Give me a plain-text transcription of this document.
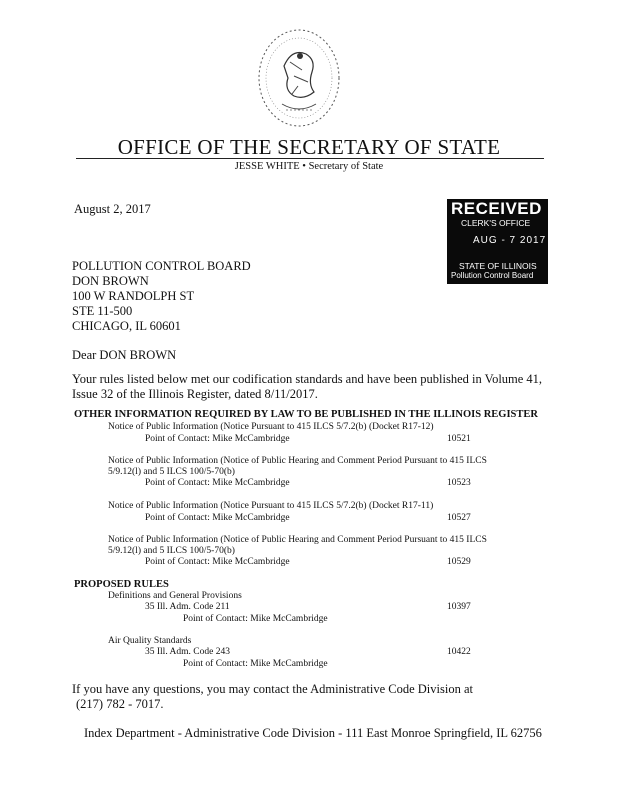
OFFICE OF THE SECRETARY OF STATE
JESSE WHITE • Secretary of State
August 2, 2017	RECEIVED
CLERK'S OFFICE
AUG - 7 2017
STATE OF ILLINOIS
Pollution Control Board
POLLUTION CONTROL BOARD
DON BROWN
100 W RANDOLPH ST
STE 11-500
CHICAGO, IL 60601
Dear DON BROWN
Your rules listed below met our codification standards and have been published in Volume 41,
Issue 32 of the Illinois Register, dated 8/11/2017.
OTHER INFORMATION REQUIRED BY LAW TO BE PUBLISHED IN THE ILLINOIS REGISTER
Notice of Public Information (Notice Pursuant to 415 ILCS 5/7.2(b) (Docket R17-12)
Point of Contact: Mike McCambridge	10521
Notice of Public Information (Notice of Public Hearing and Comment Period Pursuant to 415 ILCS
5/9.12(l) and 5 ILCS 100/5-70(b)
Point of Contact: Mike McCambridge	10523
Notice of Public Information (Notice Pursuant to 415 ILCS 5/7.2(b) (Docket R17-11)
Point of Contact: Mike McCambridge	10527
Notice of Public Information (Notice of Public Hearing and Comment Period Pursuant to 415 ILCS
5/9.12(l) and 5 ILCS 100/5-70(b)
Point of Contact: Mike McCambridge	10529
PROPOSED RULES
Definitions and General Provisions
35 Ill. Adm. Code 211	10397
Point of Contact: Mike McCambridge
Air Quality Standards
35 Ill. Adm. Code 243	10422
Point of Contact: Mike McCambridge
If you have any questions, you may contact the Administrative Code Division at
(217) 782 - 7017.
Index Department - Administrative Code Division - 111 East Monroe Springfield, IL 62756
